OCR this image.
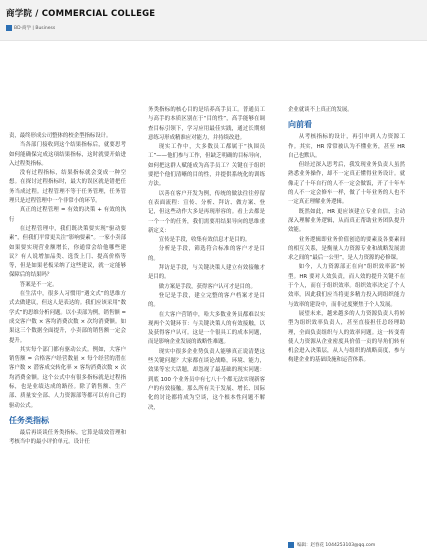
商学院 / COMMERCIAL COLLEGE
BD·商学 | Business

责，最终形成公司整体的校企型指标设计。

当各部门接收到这个结果指标后，就要思考如何能确保完成这项结果指标，这时就要开始进入过程类指标。

没有过程指标，结果指标就会变成一种空想。在探讨过程指标时，最大的误区就是错把任务当成过程。过程管理不等于任务管理，任务管理只是过程管理中一个非常小的环节。

真正的过程管理 = 有效的决策 + 有效的执行

在过程管理中，我们既决策要实现“驱动要素”，但我们平常更关注“影响要素”。一家小卖部如果要实现营业额增长，你通常会给他哪些建议？有人说增加品类、选货上门、提高价格等等，但是如果老板采纳了这些建议，就一定能够保障后的结果吗？

答案是不一定。

在生活中，很多人习惯用“遇文式”的思维方式去做建议，但这人是表达的。我们应该采用“数学式”的思维分析问题。以小卖部为例，销售额 = 成交客户数 × 客均消费次数 × 次均消费额。如果这三个数据全面提升，小卖部的销售额一定会提升。

其实每个部门都有驱动公式。例如，大客户销售额 = 合格客户经营数量 × 每个经营的潜在客户数 × 潜客成交转化率 × 客均消费次数 × 次均消费金额。这个公式中有很多指标就是过程指标，也是业绩达成的路径。除了销售额、生产部、质量安全部、人力资源部等都可以有自己的驱动公式。

任务类指标

最后再谈谈任务类指标。它算是绩效管理和考核当中的最小评价单元。设计任

务类指标的核心目的是培养高手员工。普通员工与高手的本质区别在于“目的性”，高手能够在调查目标引领下，学习应用最佳实践，通过长期刻意练习形成精准应对能力，并持续改进。

现实工作中，大多数员工都属于“执围员工”——他们参与工作，但缺乏明确的目标导向，如何把这群人赋能成为高手员工？关键在于组织要把个他们清晰的目的性，并提供系统化的训练方法。

以善在客户开发为例，传统的做法往往停留在表面流程：宣传、分析、拜访、做方案、登记，但这些动作大多是再现形容的。看上去都是一个一个的任务，我们需要用结果导向的思维重新定义：

宣传是手段，收集有效信息才是目的。

分析是手段，筛选符合标准的客户才是目的。

拜访是手段，与关键决策人建立有效接触才是目的。

做方案是手段，获得客户认可才是目的。

登记是手段，建立完整的客户档案才是目的。

在大客户营销中，哈大多数业务员都难以实现两个关键环节：与关键决策人的有效接触，以及获得客户认可。这是一个很具工的成本问题，而是影响企业发展的战略性难题。

现实中很多企业势负责人能够真正说清楚这些关键问题？大家都在谈论战略，环境、能力，效果等宏大话题，却忽视了最基础的现实问题：到底 100 个业务员中有七八十个都无法实现新客户的有效接触。那么所有关于发展、增长、国际化的讨论都将成为空谈，这个根本性问题不解决，

企业就谈不上真正的发展。

向前看

从考核指标的设计，再引申到人力资源工作。其实，HR 常常被认为不懂业务，甚至 HR 自己也默认。

但经过深入思考后，我发现业务负责人虽然熟悉业务操作，却不一定真正懂得业务设计。就像走了十年自行的人不一定会做饭，开了十年车的人不一定会修车一样，做了十年业务的人也不一定真正理解业务逻辑。

既然如此，HR 更应该建立专业自信，主动深入理解业务逻辑，从而真正帮助业务团队提升效能。

业务逻辑即业务价值创造的要素及各要素间的相互关系，是衡量人力资源专业和战略发展需求之间的“最后一公里”，是人力资源的必修课。

如今，人力资源部正在向“组织效率部”转型。HR 要对人效负责，而人效的提升关键不在于个人，而在于组织效率。组织效率决定了个人效率，因此我们应当将更多精力投入到组织能力与效率的建设中，而非过度聚焦于个人发展。

展望未来，越来越多的人力资源负责人将转型为组织效率负责人，甚至直接担任总经理助理，全面负责组织与人的效率问题。这一转变将使人力资源从企业密度具价值一贡的导角们转有机会进入决策层，从人与组织的战略高度，参与构建企业的基础设施和运营体系。

编辑：赵春花 1044253103@qq.com
